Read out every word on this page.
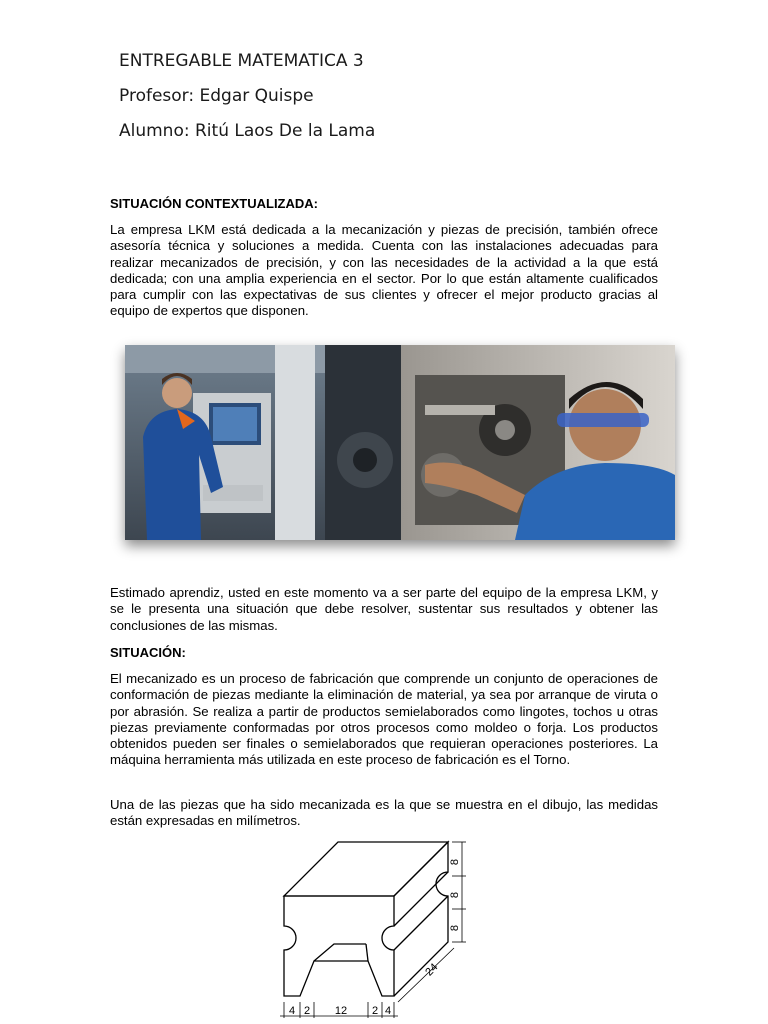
ENTREGABLE MATEMATICA 3
Profesor: Edgar Quispe
Alumno: Ritú Laos De la Lama
SITUACIÓN CONTEXTUALIZADA:

La empresa LKM está dedicada a la mecanización y piezas de precisión, también ofrece asesoría técnica y soluciones a medida. Cuenta con las instalaciones adecuadas para realizar mecanizados de precisión, y con las necesidades de la actividad a la que está dedicada; con una amplia experiencia en el sector. Por lo que están altamente cualificados para cumplir con las expectativas de sus clientes y ofrecer el mejor producto gracias al equipo de expertos que disponen.

Estimado aprendiz, usted en este momento va a ser parte del equipo de la empresa LKM, y se le presenta una situación que debe resolver, sustentar sus resultados y obtener las conclusiones de las mismas.

SITUACIÓN:

El mecanizado es un proceso de fabricación que comprende un conjunto de operaciones de conformación de piezas mediante la eliminación de material, ya sea por arranque de viruta o por abrasión. Se realiza a partir de productos semielaborados como lingotes, tochos u otras piezas previamente conformadas por otros procesos como moldeo o forja. Los productos obtenidos pueden ser finales o semielaborados que requieran operaciones posteriores. La máquina herramienta más utilizada en este proceso de fabricación es el Torno.

Una de las piezas que ha sido mecanizada es la que se muestra en el dibujo, las medidas están expresadas en milímetros.

8
8
8
24
4 2 12 2 4
